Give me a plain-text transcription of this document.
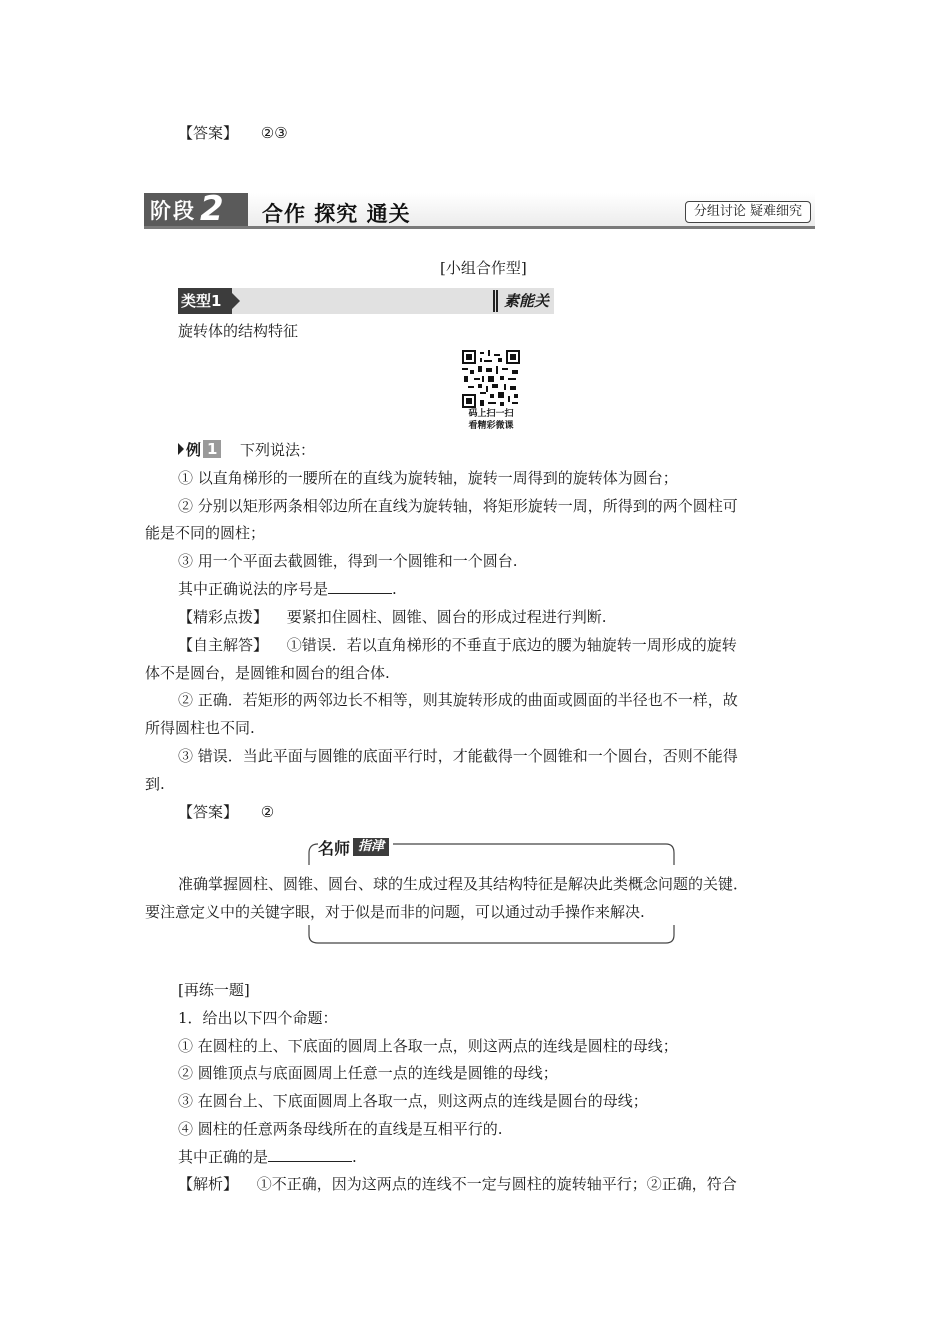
【答案】 ②③
阶段 2 合作 探究 通关	分组讨论 疑难细究
[小组合作型]
类型1	素能关
旋转体的结构特征
码上扫一扫
看精彩微课
例 1 下列说法：
① 以直角梯形的一腰所在的直线为旋转轴，旋转一周得到的旋转体为圆台；
② 分别以矩形两条相邻边所在直线为旋转轴，将矩形旋转一周，所得到的两个圆柱可
能是不同的圆柱；
③ 用一个平面去截圆锥，得到一个圆锥和一个圆台.
其中正确说法的序号是	.
【精彩点拨】 要紧扣住圆柱、圆锥、圆台的形成过程进行判断.
【自主解答】 ①错误．若以直角梯形的不垂直于底边的腰为轴旋转一周形成的旋转
体不是圆台，是圆锥和圆台的组合体.
② 正确．若矩形的两邻边长不相等，则其旋转形成的曲面或圆面的半径也不一样，故
所得圆柱也不同.
③ 错误．当此平面与圆锥的底面平行时，才能截得一个圆锥和一个圆台，否则不能得
到.
【答案】 ②
名师 指津
准确掌握圆柱、圆锥、圆台、球的生成过程及其结构特征是解决此类概念问题的关键．
要注意定义中的关键字眼，对于似是而非的问题，可以通过动手操作来解决.
[再练一题]
1．给出以下四个命题：
① 在圆柱的上、下底面的圆周上各取一点，则这两点的连线是圆柱的母线；
② 圆锥顶点与底面圆周上任意一点的连线是圆锥的母线；
③ 在圆台上、下底面圆周上各取一点，则这两点的连线是圆台的母线；
④ 圆柱的任意两条母线所在的直线是互相平行的.
其中正确的是	.
【解析】 ①不正确，因为这两点的连线不一定与圆柱的旋转轴平行；②正确，符合
